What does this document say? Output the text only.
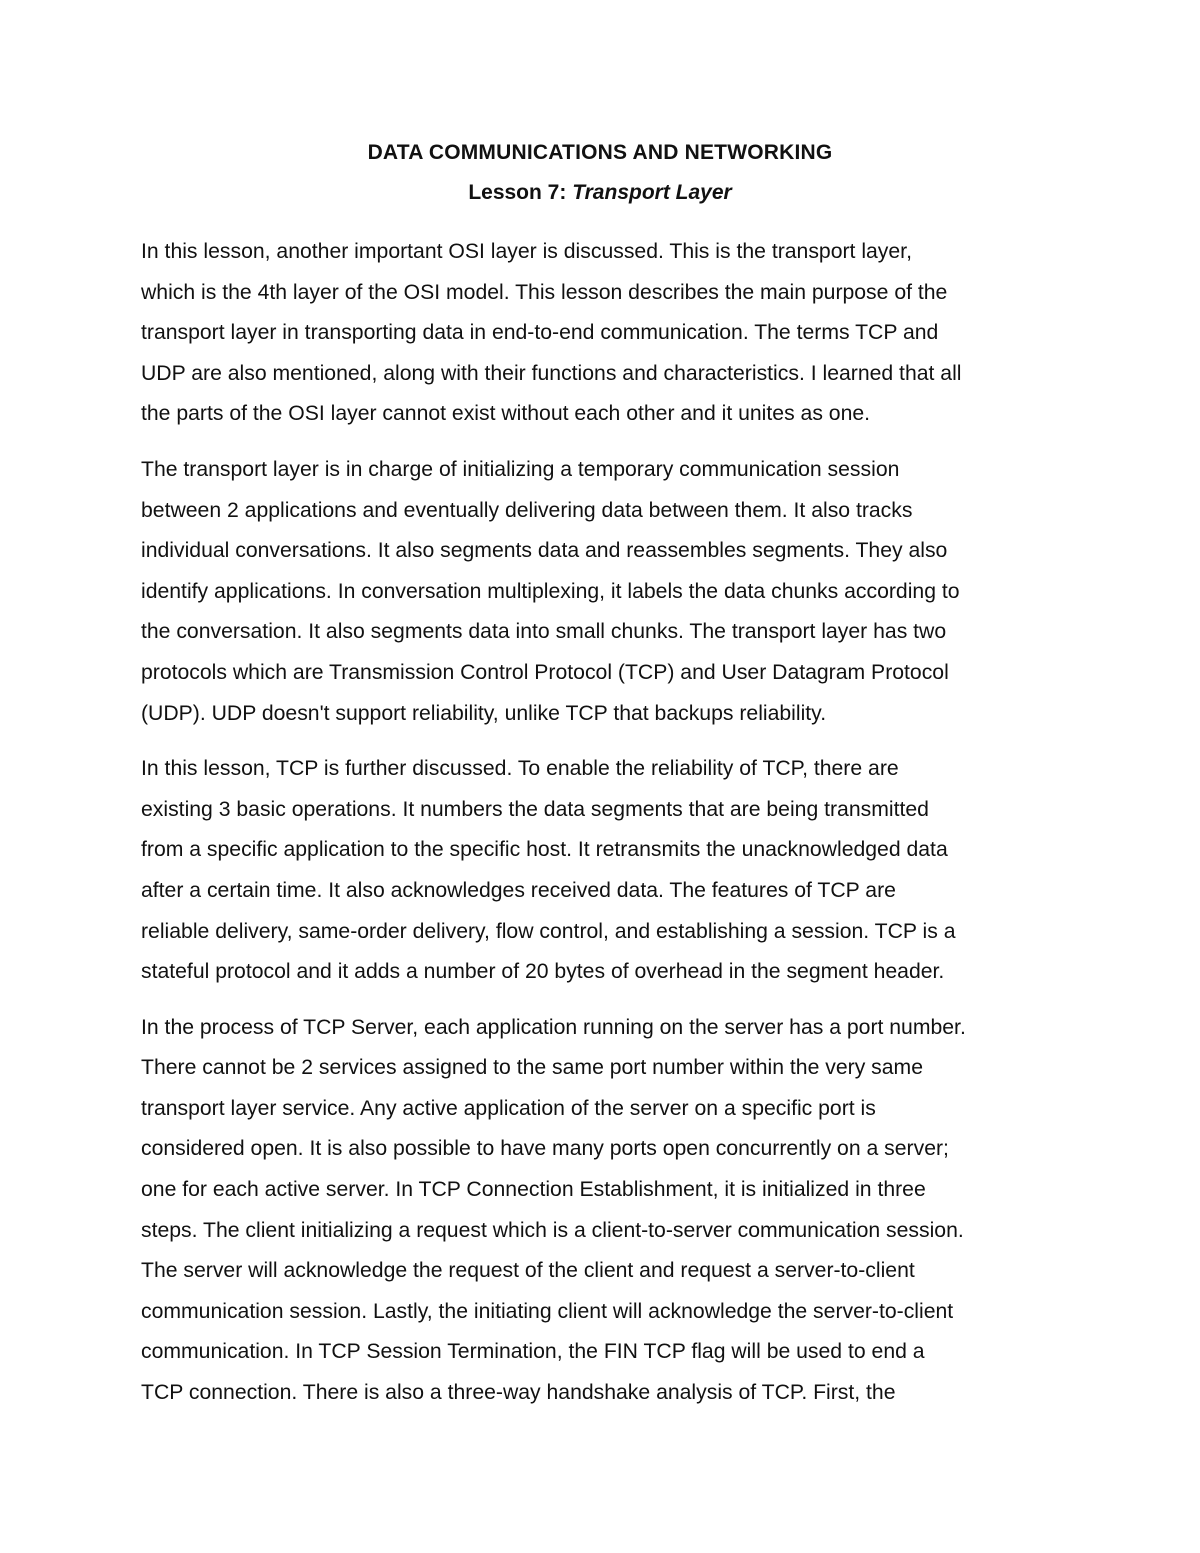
DATA COMMUNICATIONS AND NETWORKING
Lesson 7: Transport Layer

In this lesson, another important OSI layer is discussed. This is the transport layer,
which is the 4th layer of the OSI model. This lesson describes the main purpose of the
transport layer in transporting data in end-to-end communication. The terms TCP and
UDP are also mentioned, along with their functions and characteristics. I learned that all
the parts of the OSI layer cannot exist without each other and it unites as one.

The transport layer is in charge of initializing a temporary communication session
between 2 applications and eventually delivering data between them. It also tracks
individual conversations. It also segments data and reassembles segments. They also
identify applications. In conversation multiplexing, it labels the data chunks according to
the conversation. It also segments data into small chunks. The transport layer has two
protocols which are Transmission Control Protocol (TCP) and User Datagram Protocol
(UDP). UDP doesn't support reliability, unlike TCP that backups reliability.

In this lesson, TCP is further discussed. To enable the reliability of TCP, there are
existing 3 basic operations. It numbers the data segments that are being transmitted
from a specific application to the specific host. It retransmits the unacknowledged data
after a certain time. It also acknowledges received data. The features of TCP are
reliable delivery, same-order delivery, flow control, and establishing a session. TCP is a
stateful protocol and it adds a number of 20 bytes of overhead in the segment header.

In the process of TCP Server, each application running on the server has a port number.
There cannot be 2 services assigned to the same port number within the very same
transport layer service. Any active application of the server on a specific port is
considered open. It is also possible to have many ports open concurrently on a server;
one for each active server. In TCP Connection Establishment, it is initialized in three
steps. The client initializing a request which is a client-to-server communication session.
The server will acknowledge the request of the client and request a server-to-client
communication session. Lastly, the initiating client will acknowledge the server-to-client
communication. In TCP Session Termination, the FIN TCP flag will be used to end a
TCP connection. There is also a three-way handshake analysis of TCP. First, the
